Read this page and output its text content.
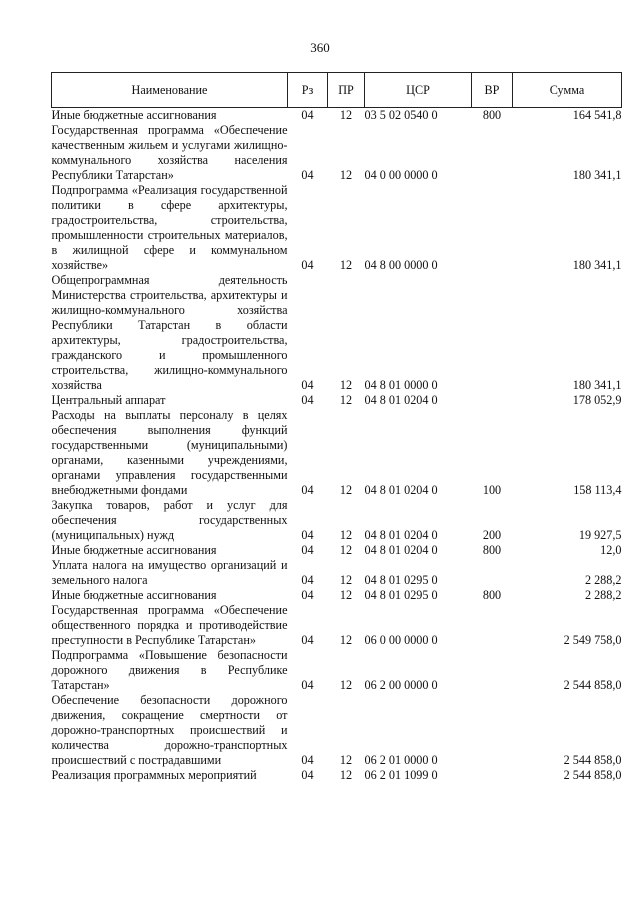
360
Наименование	Рз	ПР	ЦСР	ВР	Сумма
Иные бюджетные ассигнования	04	12	03 5 02 0540 0	800	164 541,8
Государственная программа «Обеспечение качественным жильем и услугами жилищно-коммунального хозяйства населения Республики Татарстан»	04	12	04 0 00 0000 0		180 341,1
Подпрограмма «Реализация государственной политики в сфере архитектуры, градостроительства, строительства, промышленности строительных материалов, в жилищной сфере и коммунальном хозяйстве»	04	12	04 8 00 0000 0		180 341,1
Общепрограммная деятельность Министерства строительства, архитектуры и жилищно-коммунального хозяйства Республики Татарстан в области архитектуры, градостроительства, гражданского и промышленного строительства, жилищно-коммунального хозяйства	04	12	04 8 01 0000 0		180 341,1
Центральный аппарат	04	12	04 8 01 0204 0		178 052,9
Расходы на выплаты персоналу в целях обеспечения выполнения функций государственными (муниципальными) органами, казенными учреждениями, органами управления государственными внебюджетными фондами	04	12	04 8 01 0204 0	100	158 113,4
Закупка товаров, работ и услуг для обеспечения государственных (муниципальных) нужд	04	12	04 8 01 0204 0	200	19 927,5
Иные бюджетные ассигнования	04	12	04 8 01 0204 0	800	12,0
Уплата налога на имущество организаций и земельного налога	04	12	04 8 01 0295 0		2 288,2
Иные бюджетные ассигнования	04	12	04 8 01 0295 0	800	2 288,2
Государственная программа «Обеспечение общественного порядка и противодействие преступности в Республике Татарстан»	04	12	06 0 00 0000 0		2 549 758,0
Подпрограмма «Повышение безопасности дорожного движения в Республике Татарстан»	04	12	06 2 00 0000 0		2 544 858,0
Обеспечение безопасности дорожного движения, сокращение смертности от дорожно-транспортных происшествий и количества дорожно-транспортных происшествий с пострадавшими	04	12	06 2 01 0000 0		2 544 858,0
Реализация программных мероприятий	04	12	06 2 01 1099 0		2 544 858,0
